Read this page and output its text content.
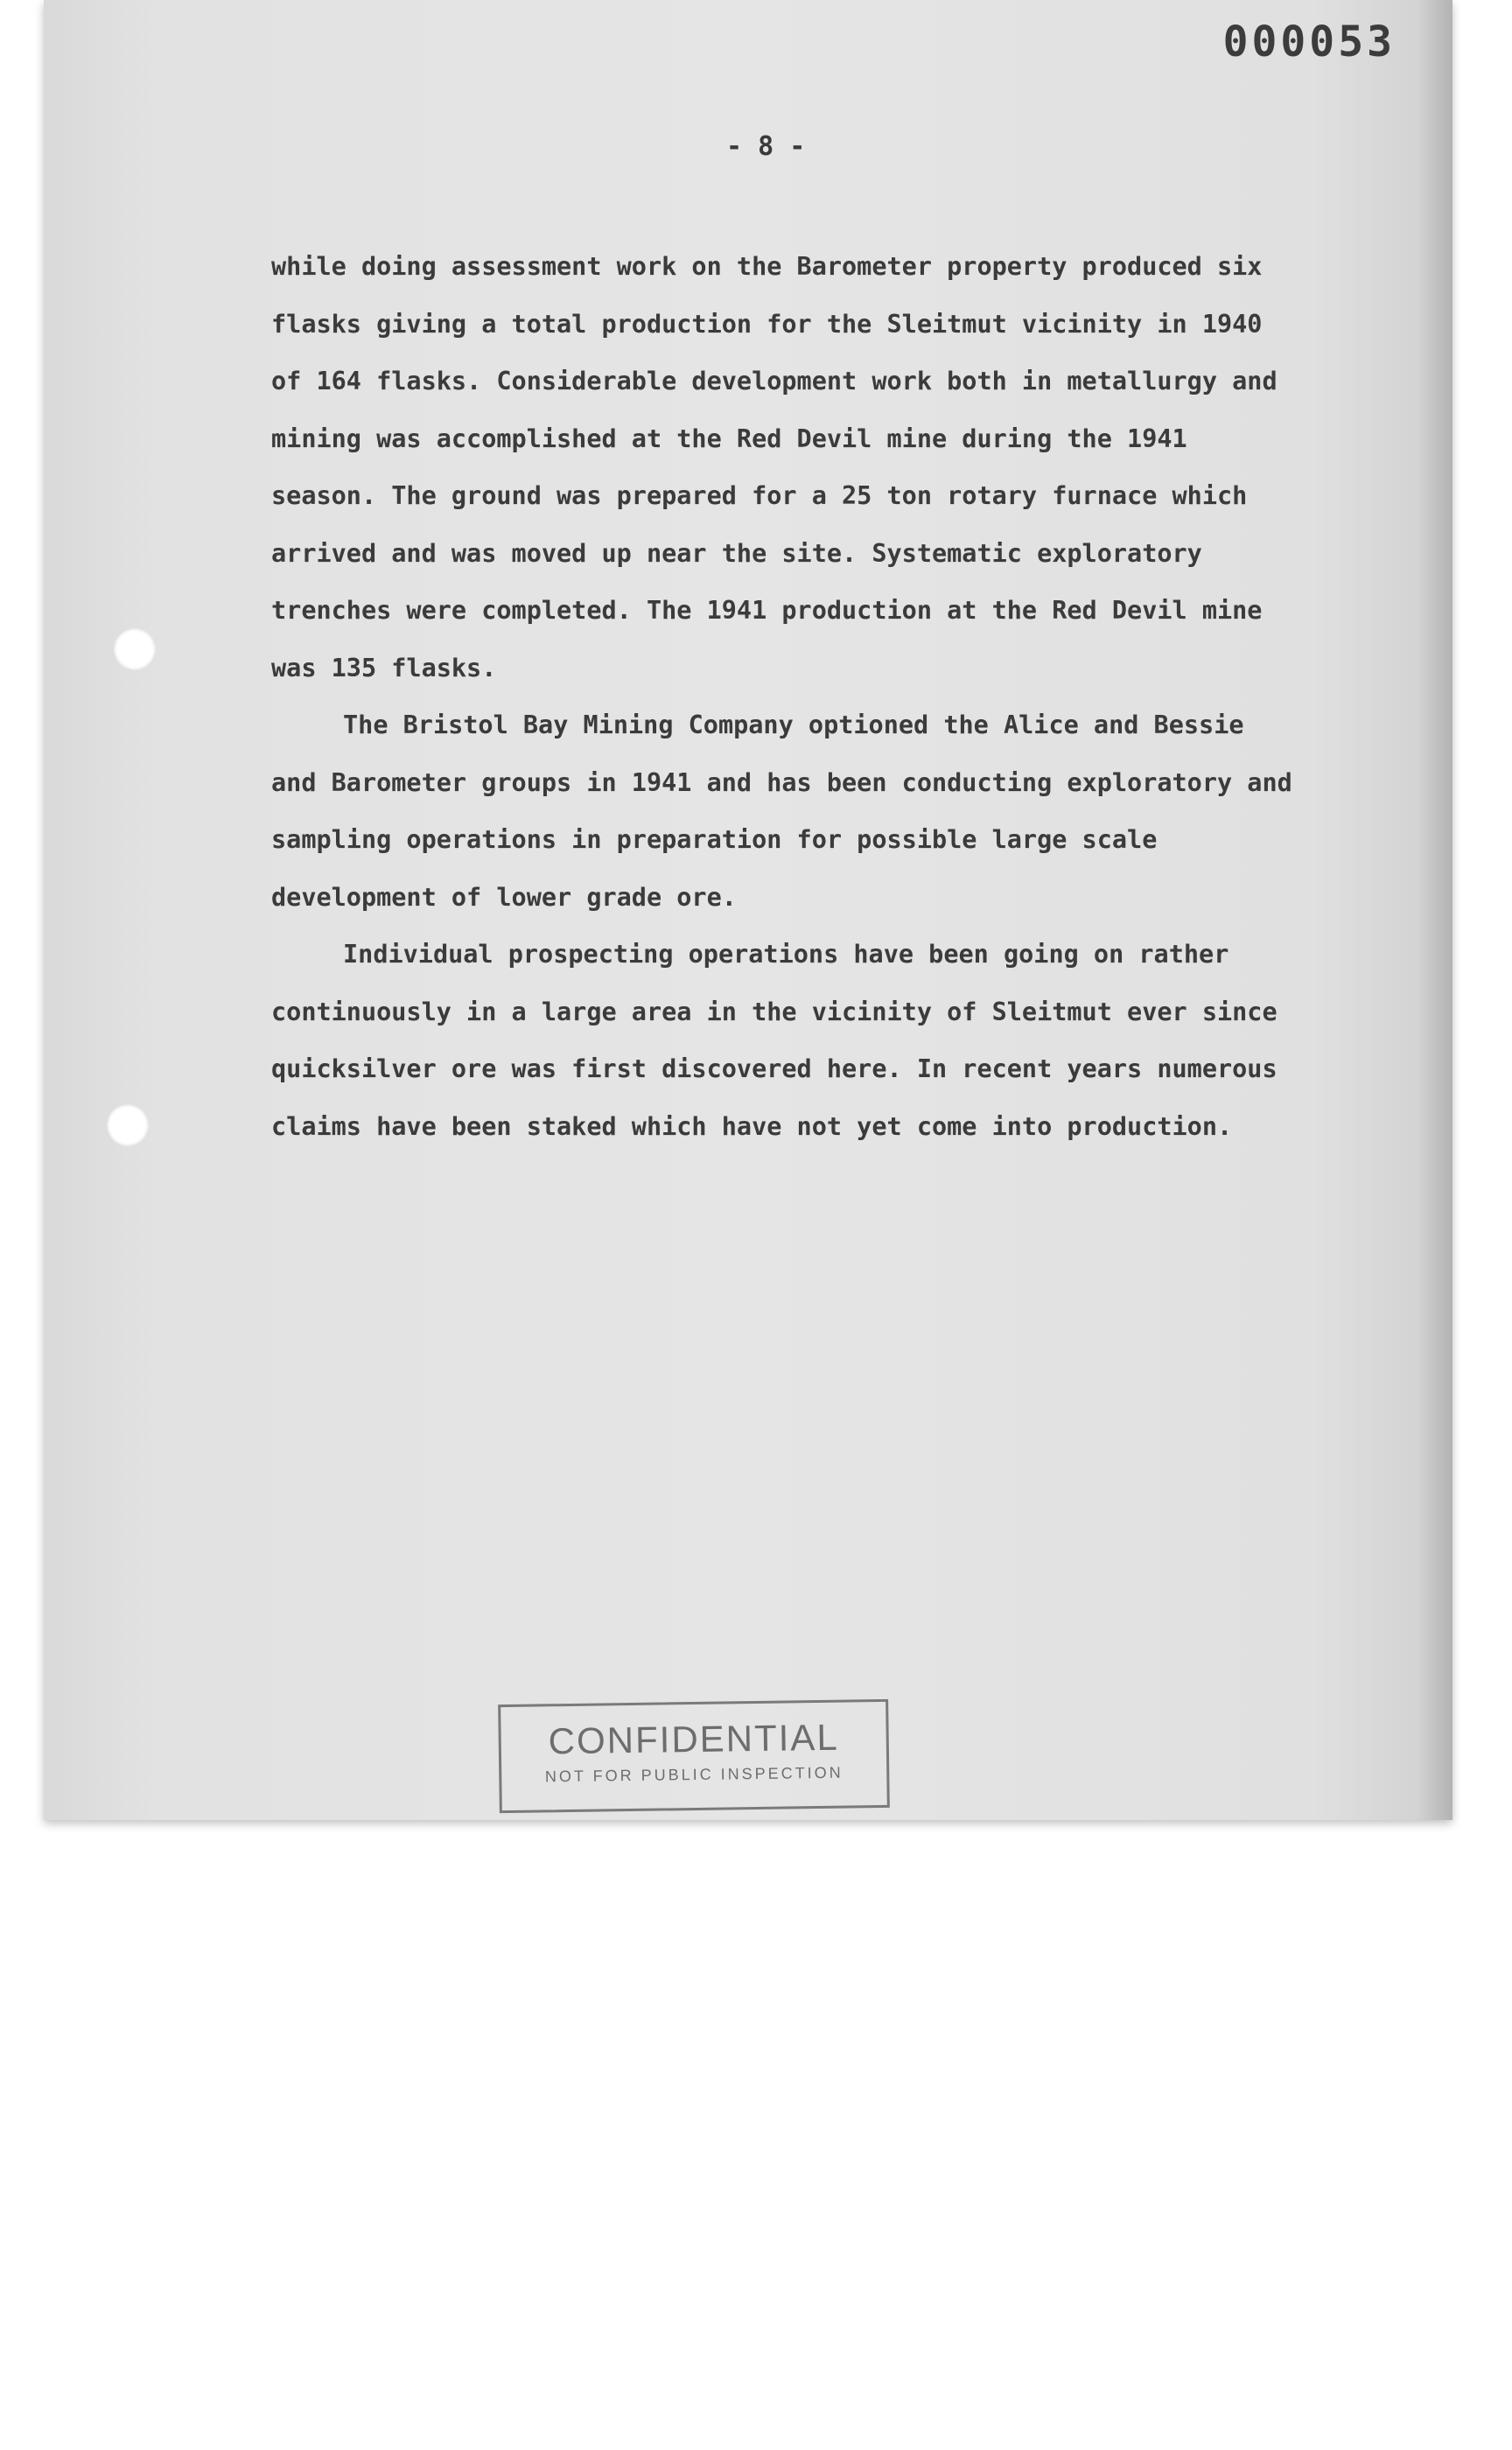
000053
- 8 -

while doing assessment work on the Barometer property produced six flasks giving a total production for the Sleitmut vicinity in 1940 of 164 flasks. Considerable development work both in metallurgy and mining was accomplished at the Red Devil mine during the 1941 season. The ground was prepared for a 25 ton rotary furnace which arrived and was moved up near the site. Systematic exploratory trenches were completed. The 1941 production at the Red Devil mine was 135 flasks.

The Bristol Bay Mining Company optioned the Alice and Bessie and Barometer groups in 1941 and has been conducting exploratory and sampling operations in preparation for possible large scale development of lower grade ore.

Individual prospecting operations have been going on rather continuously in a large area in the vicinity of Sleitmut ever since quicksilver ore was first discovered here. In recent years numerous claims have been staked which have not yet come into production.

CONFIDENTIAL
NOT FOR PUBLIC INSPECTION
